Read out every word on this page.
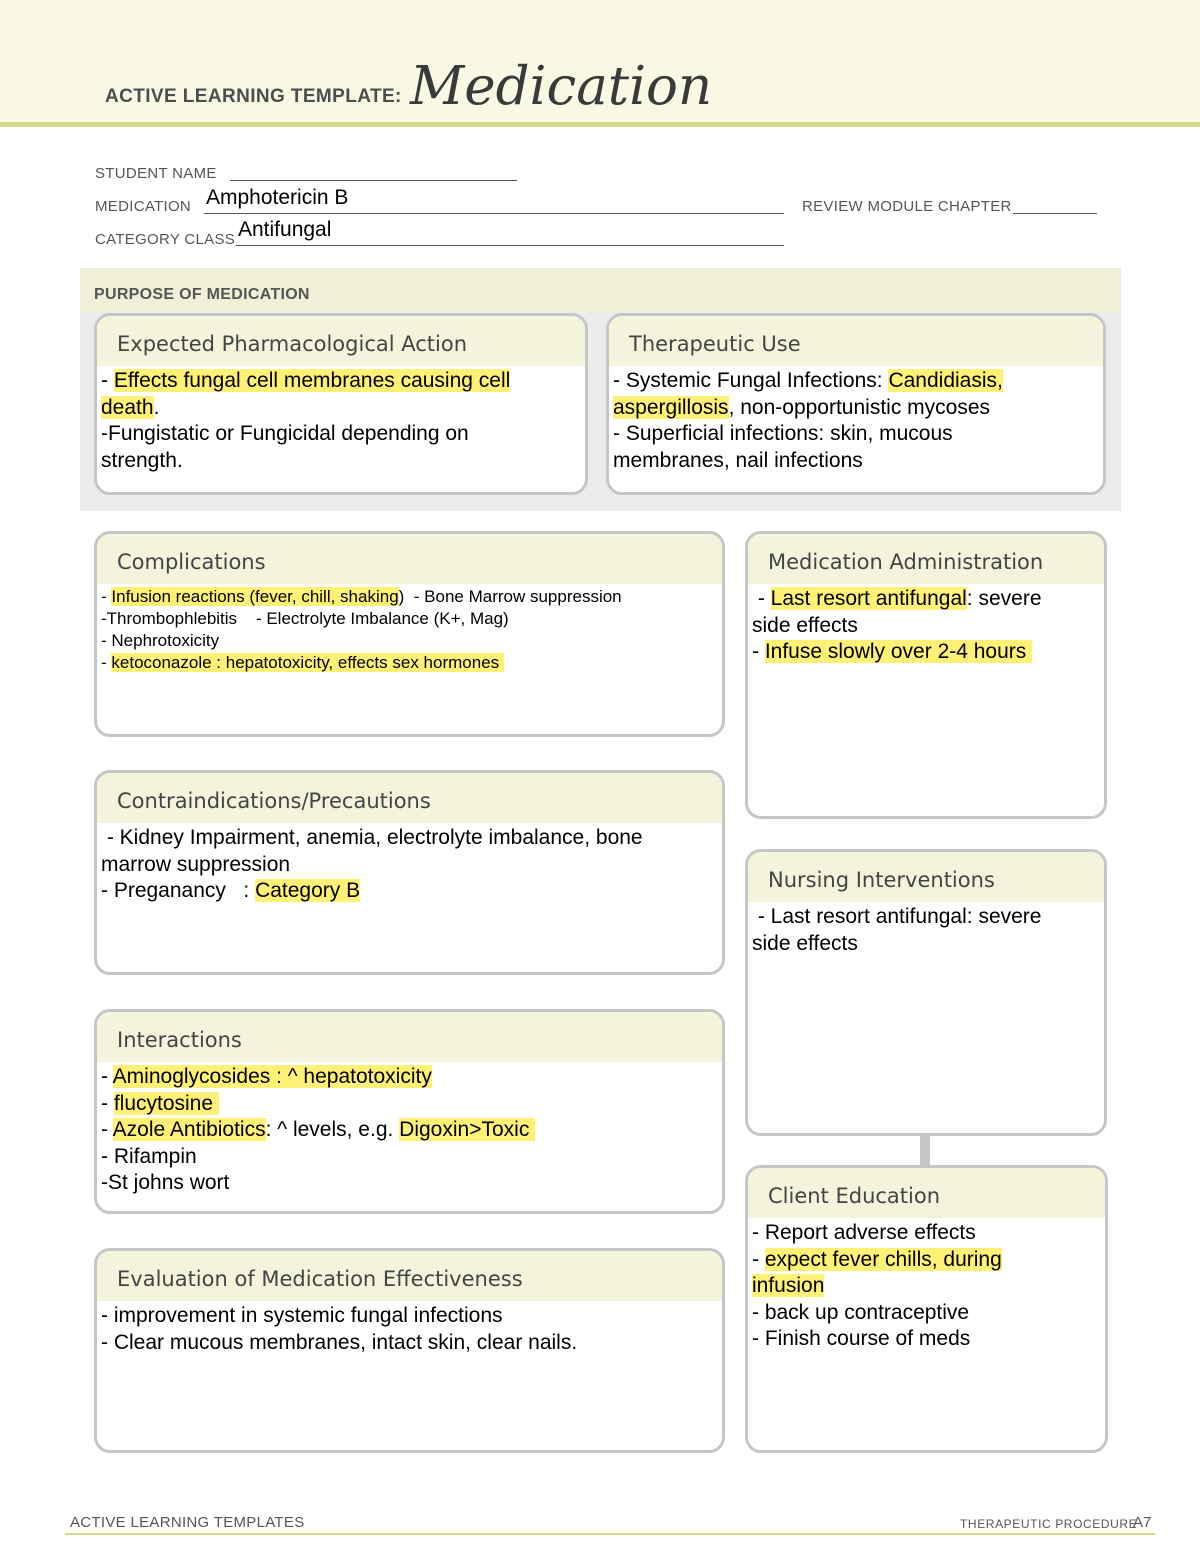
ACTIVE LEARNING TEMPLATE: Medication
STUDENT NAME
MEDICATION Amphotericin B	REVIEW MODULE CHAPTER
CATEGORY CLASS Antifungal
PURPOSE OF MEDICATION
Expected Pharmacological Action
- Effects fungal cell membranes causing cell
death.
-Fungistatic or Fungicidal depending on
strength.
Therapeutic Use
- Systemic Fungal Infections: Candidiasis,
aspergillosis, non-opportunistic mycoses
- Superficial infections: skin, mucous
membranes, nail infections
Complications
- Infusion reactions (fever, chill, shaking)  - Bone Marrow suppression
-Thrombophlebitis    - Electrolyte Imbalance (K+, Mag)
- Nephrotoxicity
- ketoconazole : hepatotoxicity, effects sex hormones
Contraindications/Precautions
- Kidney Impairment, anemia, electrolyte imbalance, bone
marrow suppression
- Preganancy   : Category B
Interactions
- Aminoglycosides : ^ hepatotoxicity
- flucytosine
- Azole Antibiotics: ^ levels, e.g. Digoxin>Toxic
- Rifampin
-St johns wort
Evaluation of Medication Effectiveness
- improvement in systemic fungal infections
- Clear mucous membranes, intact skin, clear nails.
Medication Administration
- Last resort antifungal: severe
side effects
- Infuse slowly over 2-4 hours
Nursing Interventions
- Last resort antifungal: severe
side effects
Client Education
- Report adverse effects
- expect fever chills, during
infusion
- back up contraceptive
- Finish course of meds
ACTIVE LEARNING TEMPLATES	THERAPEUTIC PROCEDURE
A7
